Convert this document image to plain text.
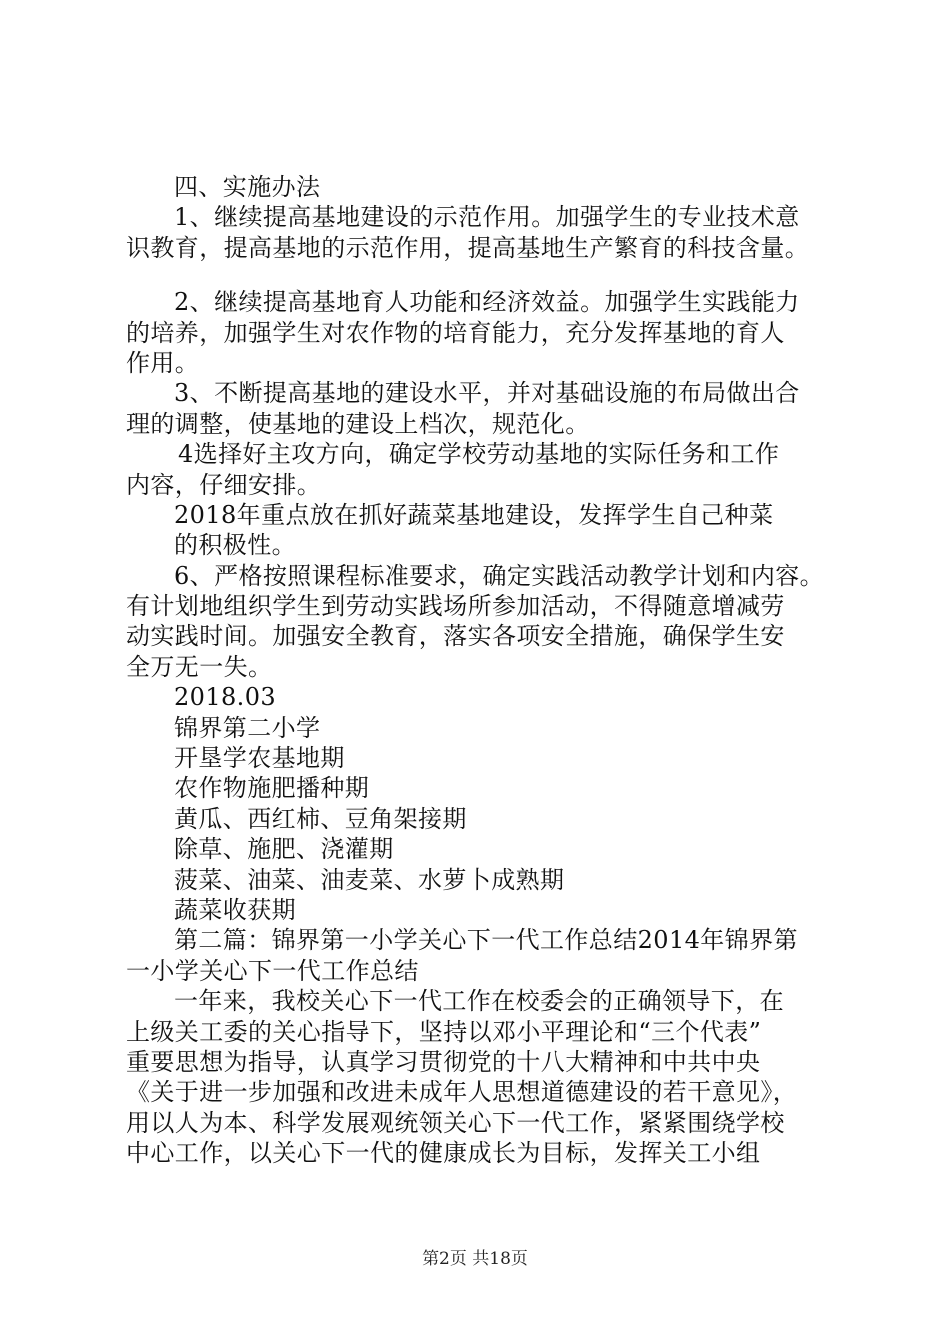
四、实施办法
1、继续提高基地建设的示范作用。加强学生的专业技术意
识教育，提高基地的示范作用，提高基地生产繁育的科技含量。
2、继续提高基地育人功能和经济效益。加强学生实践能力
的培养，加强学生对农作物的培育能力，充分发挥基地的育人
作用。
3、不断提高基地的建设水平，并对基础设施的布局做出合
理的调整，使基地的建设上档次，规范化。
4选择好主攻方向，确定学校劳动基地的实际任务和工作
内容，仔细安排。
2018年重点放在抓好蔬菜基地建设，发挥学生自己种菜
的积极性。
6、严格按照课程标准要求，确定实践活动教学计划和内容。
有计划地组织学生到劳动实践场所参加活动，不得随意增减劳
动实践时间。加强安全教育，落实各项安全措施，确保学生安
全万无一失。
2018.03
锦界第二小学
开垦学农基地期
农作物施肥播种期
黄瓜、西红柿、豆角架接期
除草、施肥、浇灌期
菠菜、油菜、油麦菜、水萝卜成熟期
蔬菜收获期
第二篇：锦界第一小学关心下一代工作总结2014年锦界第
一小学关心下一代工作总结
一年来，我校关心下一代工作在校委会的正确领导下，在
上级关工委的关心指导下，坚持以邓小平理论和“三个代表”
重要思想为指导，认真学习贯彻党的十八大精神和中共中央
《关于进一步加强和改进未成年人思想道德建设的若干意见》，
用以人为本、科学发展观统领关心下一代工作，紧紧围绕学校
中心工作，以关心下一代的健康成长为目标，发挥关工小组
第2页 共18页
